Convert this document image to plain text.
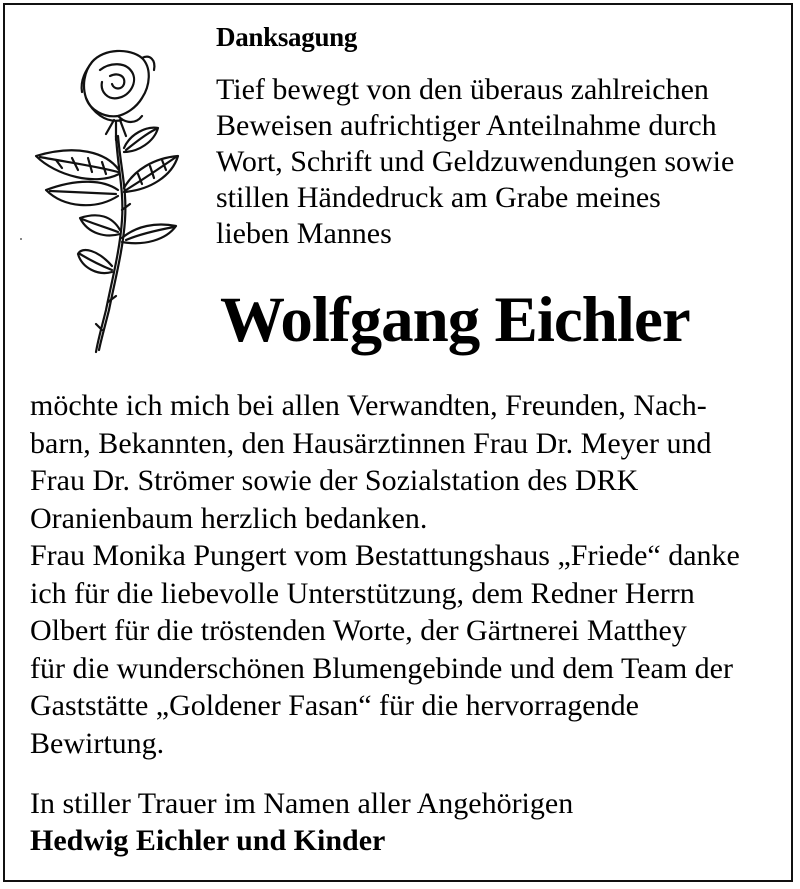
Danksagung
Tief bewegt von den überaus zahlreichen
Beweisen aufrichtiger Anteilnahme durch
Wort, Schrift und Geldzuwendungen sowie
stillen Händedruck am Grabe meines
lieben Mannes
Wolfgang Eichler
möchte ich mich bei allen Verwandten, Freunden, Nach-
barn, Bekannten, den Hausärztinnen Frau Dr. Meyer und
Frau Dr. Strömer sowie der Sozialstation des DRK
Oranienbaum herzlich bedanken.
Frau Monika Pungert vom Bestattungshaus „Friede“ danke
ich für die liebevolle Unterstützung, dem Redner Herrn
Olbert für die tröstenden Worte, der Gärtnerei Matthey
für die wunderschönen Blumengebinde und dem Team der
Gaststätte „Goldener Fasan“ für die hervorragende
Bewirtung.
In stiller Trauer im Namen aller Angehörigen
Hedwig Eichler und Kinder
